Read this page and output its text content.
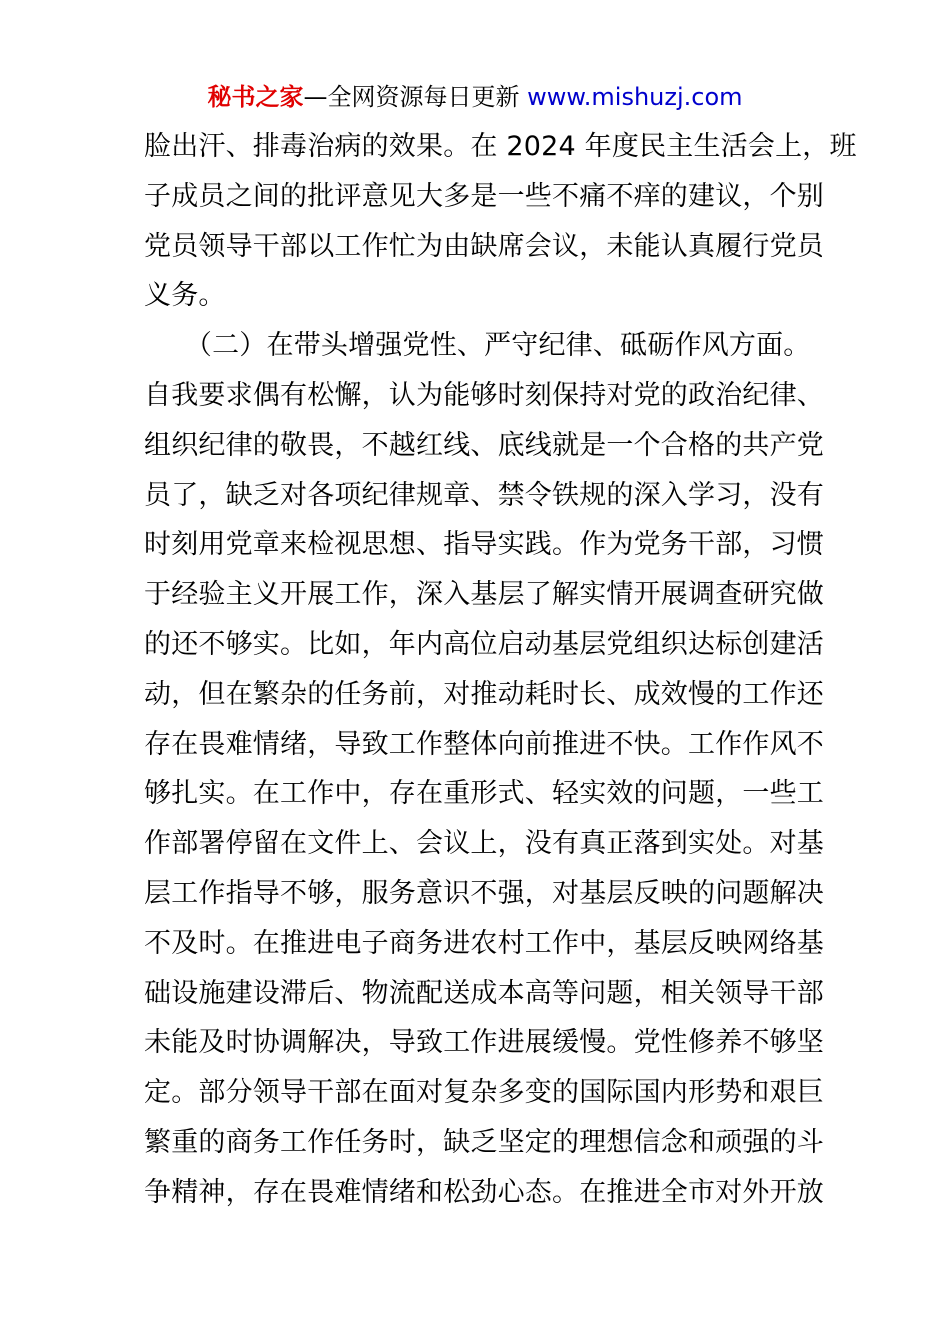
秘书之家—全网资源每日更新 www.mishuzj.com
脸出汗、排毒治病的效果。在 2024 年度民主生活会上，班
子成员之间的批评意见大多是一些不痛不痒的建议，个别
党员领导干部以工作忙为由缺席会议，未能认真履行党员
义务。
　　（二）在带头增强党性、严守纪律、砥砺作风方面。
自我要求偶有松懈，认为能够时刻保持对党的政治纪律、
组织纪律的敬畏，不越红线、底线就是一个合格的共产党
员了，缺乏对各项纪律规章、禁令铁规的深入学习，没有
时刻用党章来检视思想、指导实践。作为党务干部，习惯
于经验主义开展工作，深入基层了解实情开展调查研究做
的还不够实。比如，年内高位启动基层党组织达标创建活
动，但在繁杂的任务前，对推动耗时长、成效慢的工作还
存在畏难情绪，导致工作整体向前推进不快。工作作风不
够扎实。在工作中，存在重形式、轻实效的问题，一些工
作部署停留在文件上、会议上，没有真正落到实处。对基
层工作指导不够，服务意识不强，对基层反映的问题解决
不及时。在推进电子商务进农村工作中，基层反映网络基
础设施建设滞后、物流配送成本高等问题，相关领导干部
未能及时协调解决，导致工作进展缓慢。党性修养不够坚
定。部分领导干部在面对复杂多变的国际国内形势和艰巨
繁重的商务工作任务时，缺乏坚定的理想信念和顽强的斗
争精神，存在畏难情绪和松劲心态。在推进全市对外开放
